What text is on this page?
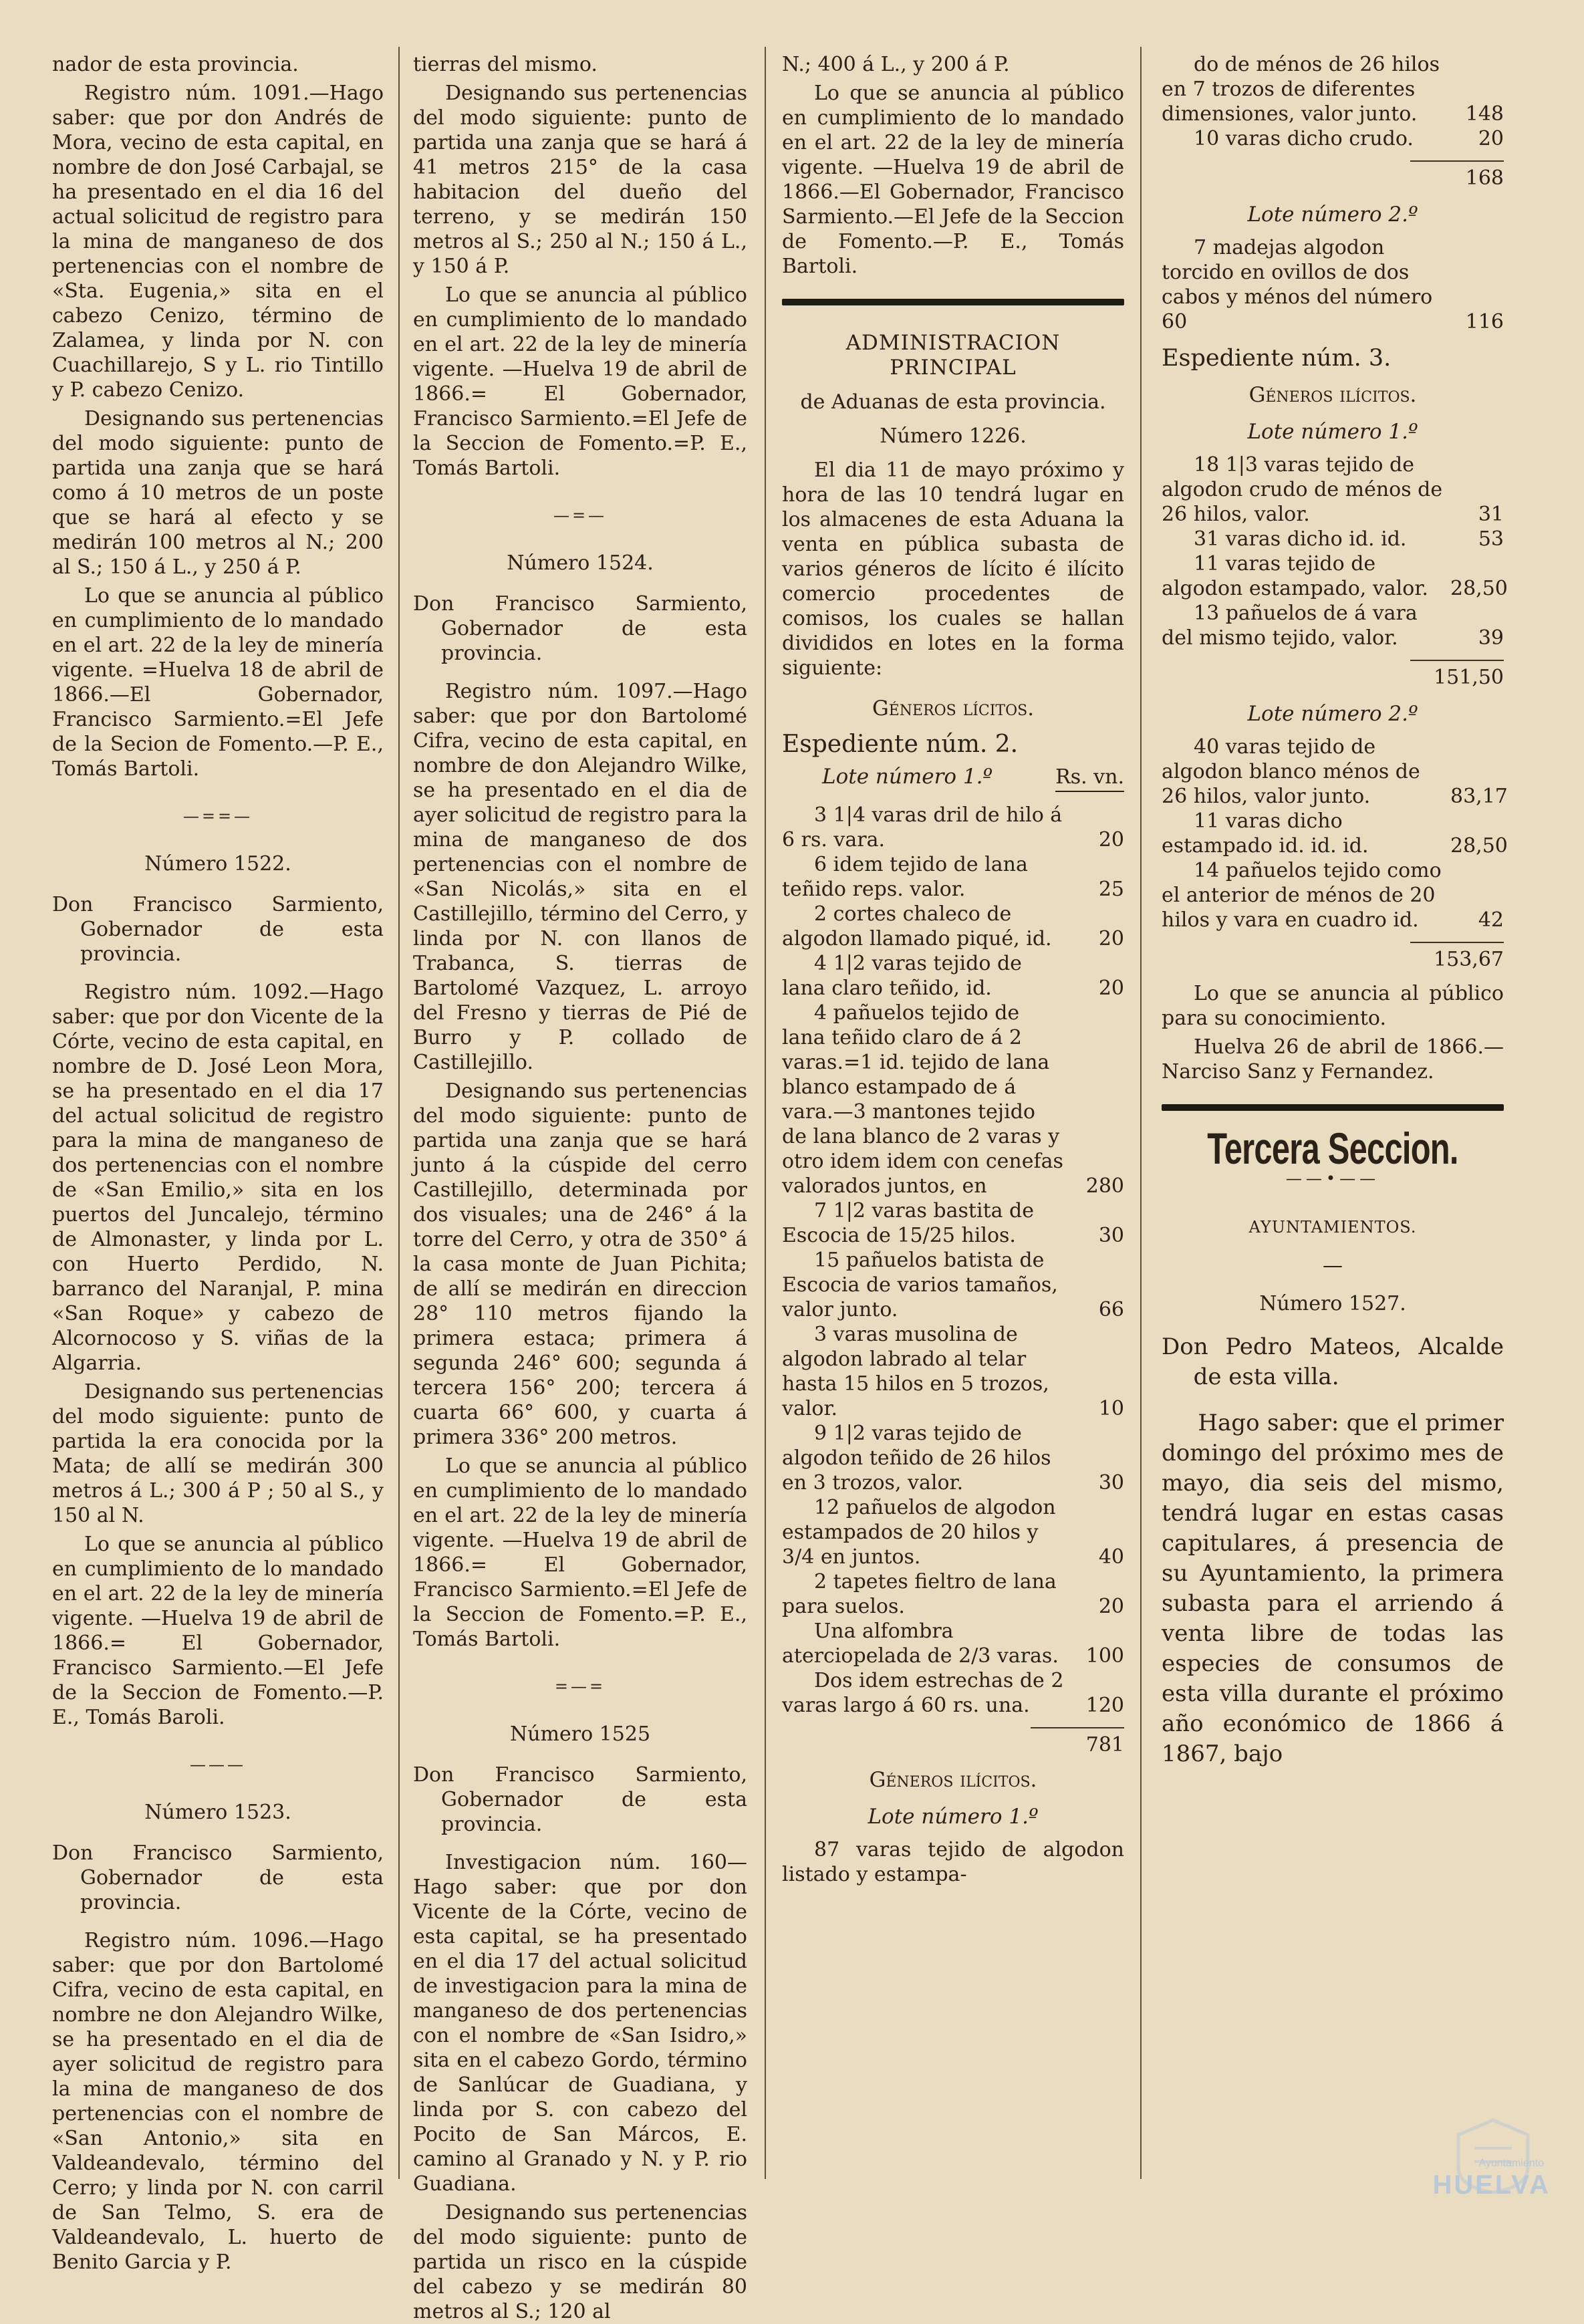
nador de esta provincia.

Registro núm. 1091.—Hago saber: que por don Andrés de Mora, vecino de esta capital, en nombre de don José Carbajal, se ha presentado en el dia 16 del actual solicitud de registro para la mina de manganeso de dos pertenencias con el nombre de «Sta. Eugenia,» sita en el cabezo Cenizo, término de Zalamea, y linda por N. con Cuachillarejo, S y L. rio Tintillo y P. cabezo Cenizo.

Designando sus pertenencias del modo siguiente: punto de partida una zanja que se hará como á 10 metros de un poste que se hará al efecto y se medirán 100 metros al N.; 200 al S.; 150 á L., y 250 á P.

Lo que se anuncia al público en cumplimiento de lo mandado en el art. 22 de la ley de minería vigente. =Huelva 18 de abril de 1866.—El Gobernador, Francisco Sarmiento.=El Jefe de la Secion de Fomento.—P. E., Tomás Bartoli.

—==—
Número 1522.

Don Francisco Sarmiento, Gobernador de esta provincia.

Registro núm. 1092.—Hago saber: que por don Vicente de la Córte, vecino de esta capital, en nombre de D. José Leon Mora, se ha presentado en el dia 17 del actual solicitud de registro para la mina de manganeso de dos pertenencias con el nombre de «San Emilio,» sita en los puertos del Juncalejo, término de Almonaster, y linda por L. con Huerto Perdido, N. barranco del Naranjal, P. mina «San Roque» y cabezo de Alcornocoso y S. viñas de la Algarria.

Designando sus pertenencias del modo siguiente: punto de partida la era conocida por la Mata; de allí se medirán 300 metros á L.; 300 á P ; 50 al S., y 150 al N.

Lo que se anuncia al público en cumplimiento de lo mandado en el art. 22 de la ley de minería vigente. —Huelva 19 de abril de 1866.= El Gobernador, Francisco Sarmiento.—El Jefe de la Seccion de Fomento.—P. E., Tomás Baroli.

———
Número 1523.

Don Francisco Sarmiento, Gobernador de esta provincia.

Registro núm. 1096.—Hago saber: que por don Bartolomé Cifra, vecino de esta capital, en nombre ne don Alejandro Wilke, se ha presentado en el dia de ayer solicitud de registro para la mina de manganeso de dos pertenencias con el nombre de «San Antonio,» sita en Valdeandevalo, término del Cerro; y linda por N. con carril de San Telmo, S. era de Valdeandevalo, L. huerto de Benito Garcia y P.

tierras del mismo.

Designando sus pertenencias del modo siguiente: punto de partida una zanja que se hará á 41 metros 215° de la casa habitacion del dueño del terreno, y se medirán 150 metros al S.; 250 al N.; 150 á L., y 150 á P.

Lo que se anuncia al público en cumplimiento de lo mandado en el art. 22 de la ley de minería vigente. —Huelva 19 de abril de 1866.= El Gobernador, Francisco Sarmiento.=El Jefe de la Seccion de Fomento.=P. E., Tomás Bartoli.

—=—
Número 1524.

Don Francisco Sarmiento, Gobernador de esta provincia.

Registro núm. 1097.—Hago saber: que por don Bartolomé Cifra, vecino de esta capital, en nombre de don Alejandro Wilke, se ha presentado en el dia de ayer solicitud de registro para la mina de manganeso de dos pertenencias con el nombre de «San Nicolás,» sita en el Castillejillo, término del Cerro, y linda por N. con llanos de Trabanca, S. tierras de Bartolomé Vazquez, L. arroyo del Fresno y tierras de Pié de Burro y P. collado de Castillejillo.

Designando sus pertenencias del modo siguiente: punto de partida una zanja que se hará junto á la cúspide del cerro Castillejillo, determinada por dos visuales; una de 246° á la torre del Cerro, y otra de 350° á la casa monte de Juan Pichita; de allí se medirán en direccion 28° 110 metros fijando la primera estaca; primera á segunda 246° 600; segunda á tercera 156° 200; tercera á cuarta 66° 600, y cuarta á primera 336° 200 metros.

Lo que se anuncia al público en cumplimiento de lo mandado en el art. 22 de la ley de minería vigente. —Huelva 19 de abril de 1866.= El Gobernador, Francisco Sarmiento.=El Jefe de la Seccion de Fomento.=P. E., Tomás Bartoli.

=—=
Número 1525

Don Francisco Sarmiento, Gobernador de esta provincia.

Investigacion núm. 160—Hago saber: que por don Vicente de la Córte, vecino de esta capital, se ha presentado en el dia 17 del actual solicitud de investigacion para la mina de manganeso de dos pertenencias con el nombre de «San Isidro,» sita en el cabezo Gordo, término de Sanlúcar de Guadiana, y linda por S. con cabezo del Pocito de San Márcos, E. camino al Granado y N. y P. rio Guadiana.

Designando sus pertenencias del modo siguiente: punto de partida un risco en la cúspide del cabezo y se medirán 80 metros al S.; 120 al

N.; 400 á L., y 200 á P.

Lo que se anuncia al público en cumplimiento de lo mandado en el art. 22 de la ley de minería vigente. —Huelva 19 de abril de 1866.—El Gobernador, Francisco Sarmiento.—El Jefe de la Seccion de Fomento.—P. E., Tomás Bartoli.

ADMINISTRACION PRINCIPAL
de Aduanas de esta provincia.
Número 1226.

El dia 11 de mayo próximo y hora de las 10 tendrá lugar en los almacenes de esta Aduana la venta en pública subasta de varios géneros de lícito é ilícito comercio procedentes de comisos, los cuales se hallan divididos en lotes en la forma siguiente:

Géneros lícitos.
Espediente núm. 2.
Lote número 1.º	Rs. vn.
3 1|4 varas dril de hilo á 6 rs. vara.	20
6 idem tejido de lana teñido reps. valor.	25
2 cortes chaleco de algodon llamado piqué, id.	20
4 1|2 varas tejido de lana claro teñido, id.	20
4 pañuelos tejido de lana teñido claro de á 2 varas.=1 id. tejido de lana blanco estampado de á vara.—3 mantones tejido de lana blanco de 2 varas y otro idem idem con cenefas valorados juntos, en	280
7 1|2 varas bastita de Escocia de 15/25 hilos.	30
15 pañuelos batista de Escocia de varios tamaños, valor junto.	66
3 varas musolina de algodon labrado al telar hasta 15 hilos en 5 trozos, valor.	10
9 1|2 varas tejido de algodon teñido de 26 hilos en 3 trozos, valor.	30
12 pañuelos de algodon estampados de 20 hilos y 3/4 en juntos.	40
2 tapetes fieltro de lana para suelos.	20
Una alfombra aterciopelada de 2/3 varas.	100
Dos idem estrechas de 2 varas largo á 60 rs. una.	120
781
Géneros ilícitos.
Lote número 1.º

87 varas tejido de algodon listado y estampa-

do de ménos de 26 hilos en 7 trozos de diferentes dimensiones, valor junto.	148
10 varas dicho crudo.	20
168
Lote número 2.º
7 madejas algodon torcido en ovillos de dos cabos y ménos del número 60	116
Espediente núm. 3.
Géneros ilícitos.
Lote número 1.º
18 1|3 varas tejido de algodon crudo de ménos de 26 hilos, valor.	31
31 varas dicho id. id.	53
11 varas tejido de algodon estampado, valor.	28,50
13 pañuelos de á vara del mismo tejido, valor.	39
151,50
Lote número 2.º
40 varas tejido de algodon blanco ménos de 26 hilos, valor junto.	83,17
11 varas dicho estampado id. id. id.	28,50
14 pañuelos tejido como el anterior de ménos de 20 hilos y vara en cuadro id.	42
153,67

Lo que se anuncia al público para su conocimiento.

Huelva 26 de abril de 1866.—Narciso Sanz y Fernandez.

Tercera Seccion.
——•——
AYUNTAMIENTOS.
—
Número 1527.

Don Pedro Mateos, Alcalde de esta villa.

Hago saber: que el primer domingo del próximo mes de mayo, dia seis del mismo, tendrá lugar en estas casas capitulares, á presencia de su Ayuntamiento, la primera subasta para el arriendo á venta libre de todas las especies de consumos de esta villa durante el próximo año económico de 1866 á 1867, bajo

Ayuntamiento
HUELVA
